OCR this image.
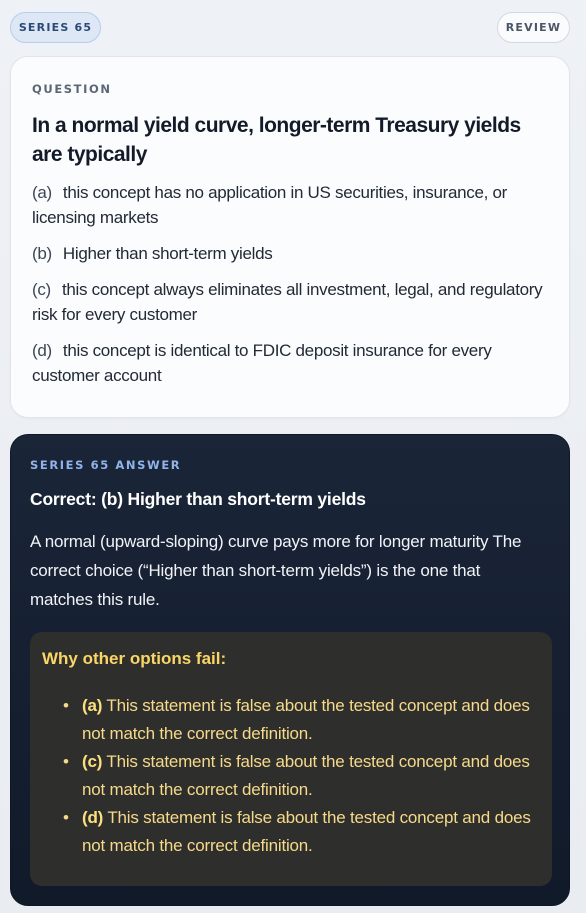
SERIES 65	REVIEW
QUESTION
In a normal yield curve, longer-term Treasury yields are typically
(a) this concept has no application in US securities, insurance, or licensing markets
(b) Higher than short-term yields
(c) this concept always eliminates all investment, legal, and regulatory risk for every customer
(d) this concept is identical to FDIC deposit insurance for every customer account
SERIES 65 ANSWER
Correct: (b) Higher than short-term yields
A normal (upward-sloping) curve pays more for longer maturity The correct choice (“Higher than short-term yields”) is the one that matches this rule.
Why other options fail:
• (a) This statement is false about the tested concept and does not match the correct definition.
• (c) This statement is false about the tested concept and does not match the correct definition.
• (d) This statement is false about the tested concept and does not match the correct definition.
